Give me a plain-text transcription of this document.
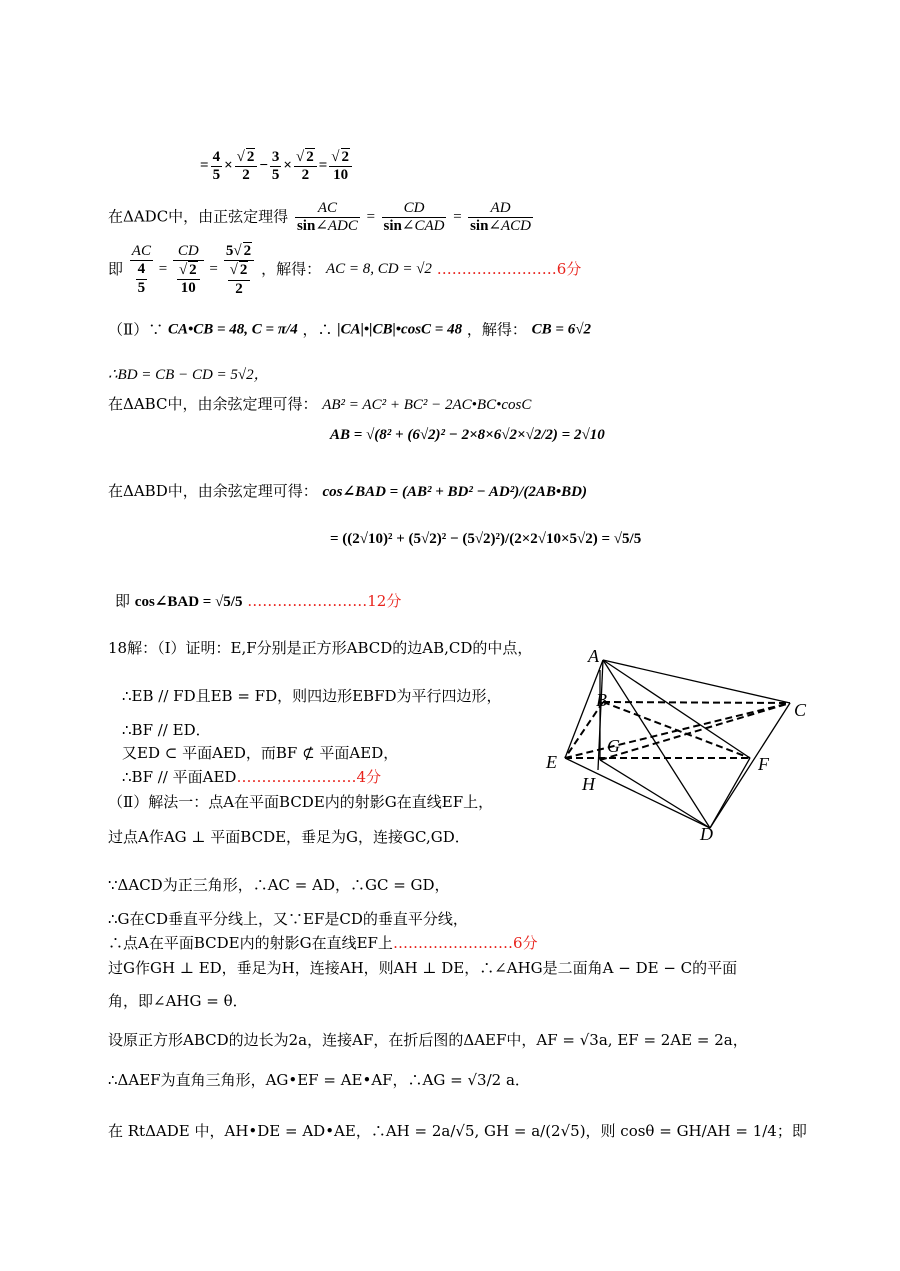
= $\frac{4}{5} \times \frac{√ 2}{2} - \frac{3}{5} \times \frac{√ 2}{2} = \frac{√ 2}{10}$
在ΔADC中，由正弦定理得 $\frac{AC}{\text{sin∠ADC}} = \frac{CD}{\text{sin∠CAD}} = \frac{AD}{\text{sin∠ACD}}$
即 $\frac{AC}{\frac{4}{5}} = \frac{CD}{\frac{√ 2}{10}} = \frac{5√ 2}{\frac{√ 2}{2}}$ ，解得： AC = 8, CD = √2 ……………………6分
（Ⅱ）∵ CA•CB = 48, C = π/4 ，∴ |CA|•|CB|•cosC = 48 ，解得： CB = 6√2
∴BD = CB − CD = 5√2，
在ΔABC中，由余弦定理可得： AB² = AC² + BC² − 2AC•BC•cosC
AB = √(8² + (6√2)² − 2×8×6√2×√2/2) = 2√10
在ΔABD中，由余弦定理可得： cos∠BAD = (AB² + BD² − AD²)/(2AB•BD)
= ((2√10)² + (5√2)² − (5√2)²)/(2×2√10×5√2) = √5/5
即 cos∠BAD = √5/5 ……………………12分
18解：（Ⅰ）证明：E,F分别是正方形ABCD的边AB,CD的中点，
∴EB // FD且EB = FD，则四边形EBFD为平行四边形，
∴BF // ED．
又ED ⊂ 平面AED，而BF ⊄ 平面AED，
∴BF // 平面AED……………………4分
（Ⅱ）解法一：点A在平面BCDE内的射影G在直线EF上，
过点A作AG ⊥ 平面BCDE，垂足为G，连接GC,GD．
∵ΔACD为正三角形，∴AC = AD，∴GC = GD，
∴G在CD垂直平分线上，又∵EF是CD的垂直平分线，
∴点A在平面BCDE内的射影G在直线EF上……………………6分
过G作GH ⊥ ED，垂足为H，连接AH，则AH ⊥ DE，∴∠AHG是二面角A − DE − C的平面
角，即∠AHG = θ．
设原正方形ABCD的边长为2a，连接AF，在折后图的ΔAEF中，AF = √3a, EF = 2AE = 2a，
∴ΔAEF为直角三角形，AG•EF = AE•AF，∴AG = √3/2 a．
在 RtΔADE 中，AH•DE = AD•AE，∴AH = 2a/√5, GH = a/(2√5)，则 cosθ = GH/AH = 1/4；即
A
B	C
E
G
F
H
D
